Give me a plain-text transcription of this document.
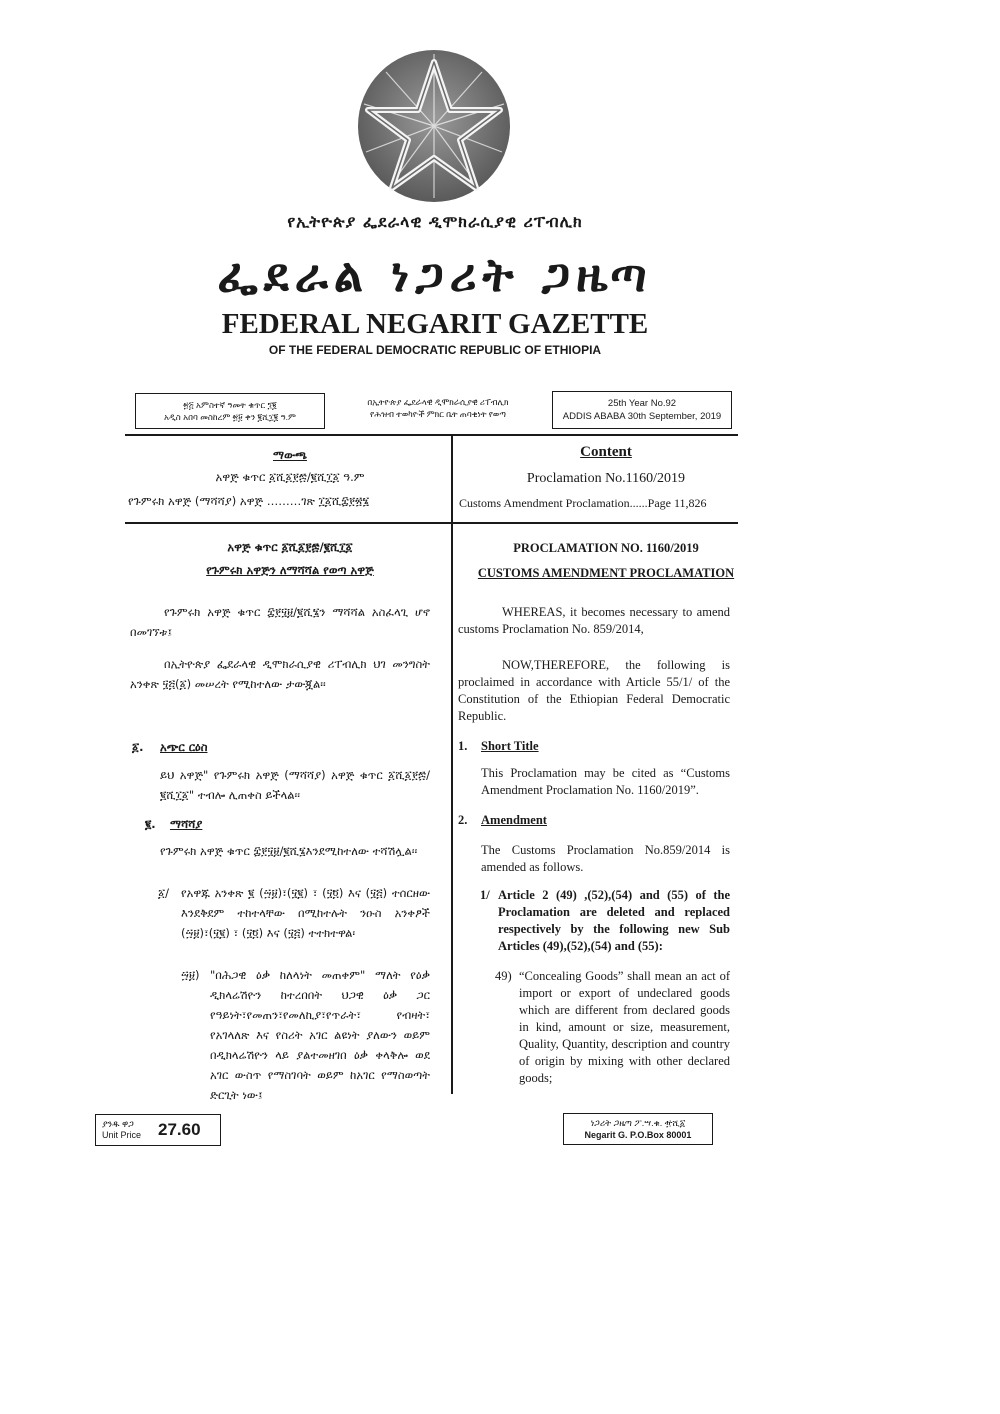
የኢትዮጵያ ፌደራላዊ ዲሞክራሲያዊ ሪፐብሊክ
ፌደራል ነጋሪት ጋዜጣ
FEDERAL NEGARIT GAZETTE
OF THE FEDERAL DEMOCRATIC REPUBLIC OF ETHIOPIA
፳፭ አምስተኛ ዓመት ቁጥር ፺፪
አዲስ አበባ መስከረም ፳፱ ቀን ፪ሺ፲፪ ዓ.ም
በኢትዮጵያ ፌደራላዊ ዲሞክራሲያዊ ሪፐብሊክ
የሕዝብ ተወካዮች ምክር ቤት ጠባቂነት የወጣ
25th Year No.92
ADDIS ABABA 30th September, 2019
ማውጫ
አዋጅ ቁጥር ፩ሺ፩፻፷/፪ሺ፲፩ ዓ.ም
የጉምሩክ አዋጅ (ማሻሻያ) አዋጅ ………ገጽ ፲፩ሺ፰፻፳፮
Content
Proclamation No.1160/2019
Customs Amendment Proclamation......Page 11,826
አዋጅ ቁጥር ፩ሺ፩፻፷/፪ሺ፲፩
የጉምሩክ አዋጅን ለማሻሻል የወጣ አዋጅ
PROCLAMATION NO. 1160/2019
CUSTOMS AMENDMENT PROCLAMATION
የጉምሩክ አዋጅ ቁጥር ፰፻፶፱/፪ሺ፮ን ማሻሻል አስፈላጊ ሆኖ በመገኘቱ፤
WHEREAS, it becomes necessary to amend customs Proclamation No. 859/2014,
በኢትዮጵያ ፌደራላዊ ዲሞክራሲያዊ ሪፐብሊክ ህገ መንግስት አንቀጽ ፶፭(፩) መሠረት የሚከተለው ታውጇል፡፡
NOW,THEREFORE, the following is proclaimed in accordance with Article 55/1/ of the Constitution of the Ethiopian Federal Democratic Republic.
፩. አጭር ርዕስ
ይህ አዋጅ" የጉምሩክ አዋጅ (ማሻሻያ) አዋጅ ቁጥር ፩ሺ፩፻፷/፪ሺ፲፩" ተብሎ ሊጠቀስ ይችላል፡፡
1. Short Title
This Proclamation may be cited as “Customs Amendment Proclamation No. 1160/2019”.
፪. ማሻሻያ
የጉምሩክ አዋጅ ቁጥር ፰፻፶፱/፪ሺ፮እንደሚከተለው ተሻሽሏል፡፡
2. Amendment
The Customs Proclamation No.859/2014 is amended as follows.
፩/ የአዋጁ አንቀጽ ፪ (፵፱)፣(፶፪) ፣ (፶፬) እና (፶፭) ተሰርዘው እንደቅደም ተከተላቸው በሚከተሉት ንዑስ አንቀፆች (፵፱)፣(፶፪) ፣ (፶፬) እና (፶፭) ተተክተዋል፡
1/ Article 2 (49) ,(52),(54) and (55) of the Proclamation are deleted and replaced respectively by the following new Sub Articles (49),(52),(54) and (55):
፵፱) "በሕጋዊ ዕቃ ከለላነት መጠቀም" ማለት የዕቃ ዲክላሬሽዮን ከተረበበት ህጋዊ ዕቃ ጋር የዓይነት፣የመጠን፣የመለኪያ፣የጥራት፣ የብዛት፣ የአገላለጽ እና የስሪት አገር ልዩነት ያለውን ወይም በዲክላሬሽዮን ላይ ያልተመዘገበ ዕቃ ቀላቅሎ ወደ አገር ውስጥ የማስገባት ወይም ከአገር የማስወጣት ድርጊት ነው፤
49) “Concealing Goods” shall mean an act of import or export of undeclared goods which are different from declared goods in kind, amount or size, measurement, Quality, Quantity, description and country of origin by mixing with other declared goods;
ያንዱ ዋጋ
Unit Price 27.60	ነጋሪት ጋዜጣ ፖ.ሣ.ቁ. ፹ሺ፩
Negarit G. P.O.Box 80001
